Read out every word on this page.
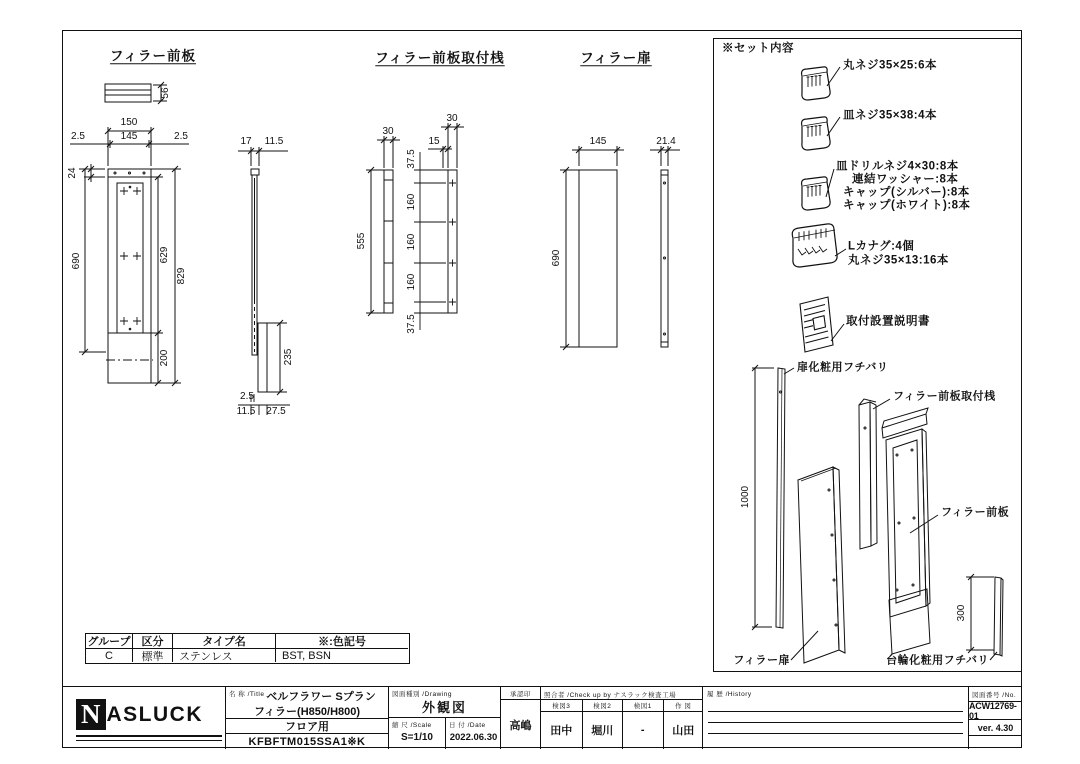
フィラー前板	フィラー前板取付桟	フィラー扉
56
150
2.5	145	2.5
24
690	629
200
829
17 11.5
235
2.5
11.5 27.5
30
555
30
15
37.5
160
160
160
37.5
145
690
21.4
※セット内容
丸ネジ35×25:6本
皿ネジ35×38:4本
皿ドリルネジ4×30:8本
連結ワッシャー:8本
キャップ(シルバー):8本
キャップ(ホワイト):8本
Lカナグ:4個
丸ネジ35×13:16本
取付設置説明書
扉化粧用フチバリ
1000
フィラー前板取付桟
フィラー前板
フィラー扉	台輪化粧用フチバリ
300
グループ 区分	タイプ名	※:色記号
C	標準	ステンレス	BST, BSN
N ASLUCK
名 称 /Title ベルフラワー Sプラン
フィラー(H850/H800)
フロア用
KFBFTM015SSA1※K
図面種別 /Drawing
外観図
縮 尺 /Scale
S=1/10
日 付 /Date
2022.06.30
承認印
高嶋
照合者 /Check up by ナスラック検査工場
検図3
田中
検図2
堀川
検図1
-
作 図
山田
履 歴 /History	図面番号 /No.
ACW12769-01
ver. 4.30
